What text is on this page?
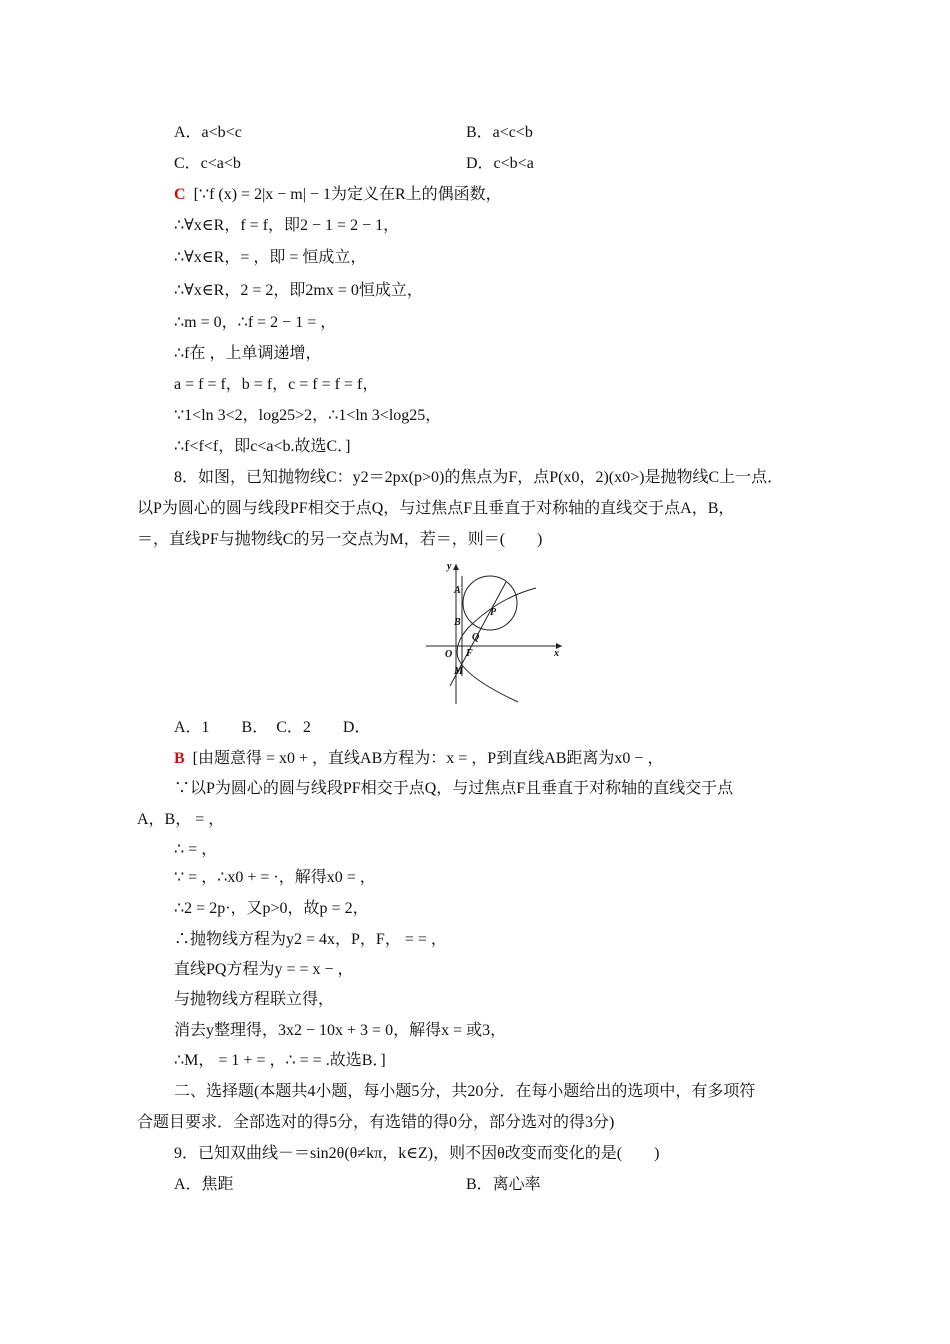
A．a<b<c	B．a<c<b
C．c<a<b	D．c<b<a
C [∵f (x) = 2|x − m| − 1为定义在R上的偶函数，
∴∀x∈R，f = f，即2 − 1 = 2 − 1，
∴∀x∈R，= ，即 = 恒成立，
∴∀x∈R，2 = 2，即2mx = 0恒成立，
∴m = 0，∴f = 2 − 1 = ，
∴f在 ，上单调递增，
a = f = f，b = f，c = f = f = f，
∵1<ln 3<2，log25>2，∴1<ln 3<log25，
∴f<f<f，即c<a<b.故选C．]
8．如图，已知抛物线C：y2＝2px(p>0)的焦点为F，点P(x0，2)(x0>)是抛物线C上一点．
以P为圆心的圆与线段PF相交于点Q，与过焦点F且垂直于对称轴的直线交于点A，B，
＝，直线PF与抛物线C的另一交点为M，若＝，则＝(　　)
y
A
P
B
Q
O F	x
M
A．1　　B．　C．2　　D．
B [由题意得 = x0 + ，直线AB方程为：x = ，P到直线AB距离为x0 − ，
∵以P为圆心的圆与线段PF相交于点Q，与过焦点F且垂直于对称轴的直线交于点
A，B， = ，
∴ = ，
∵ = ，∴x0 + = ·，解得x0 = ，
∴2 = 2p·，又p>0，故p = 2，
∴抛物线方程为y2 = 4x，P，F， = = ，
直线PQ方程为y = = x − ，
与抛物线方程联立得，
消去y整理得，3x2 − 10x + 3 = 0，解得x = 或3，
∴M， = 1 + = ，∴ = = .故选B．]
二、选择题(本题共4小题，每小题5分，共20分．在每小题给出的选项中，有多项符
合题目要求．全部选对的得5分，有选错的得0分，部分选对的得3分)
9．已知双曲线－＝sin2θ(θ≠kπ，k∈Z)，则不因θ改变而变化的是(　　)
A．焦距	B．离心率
